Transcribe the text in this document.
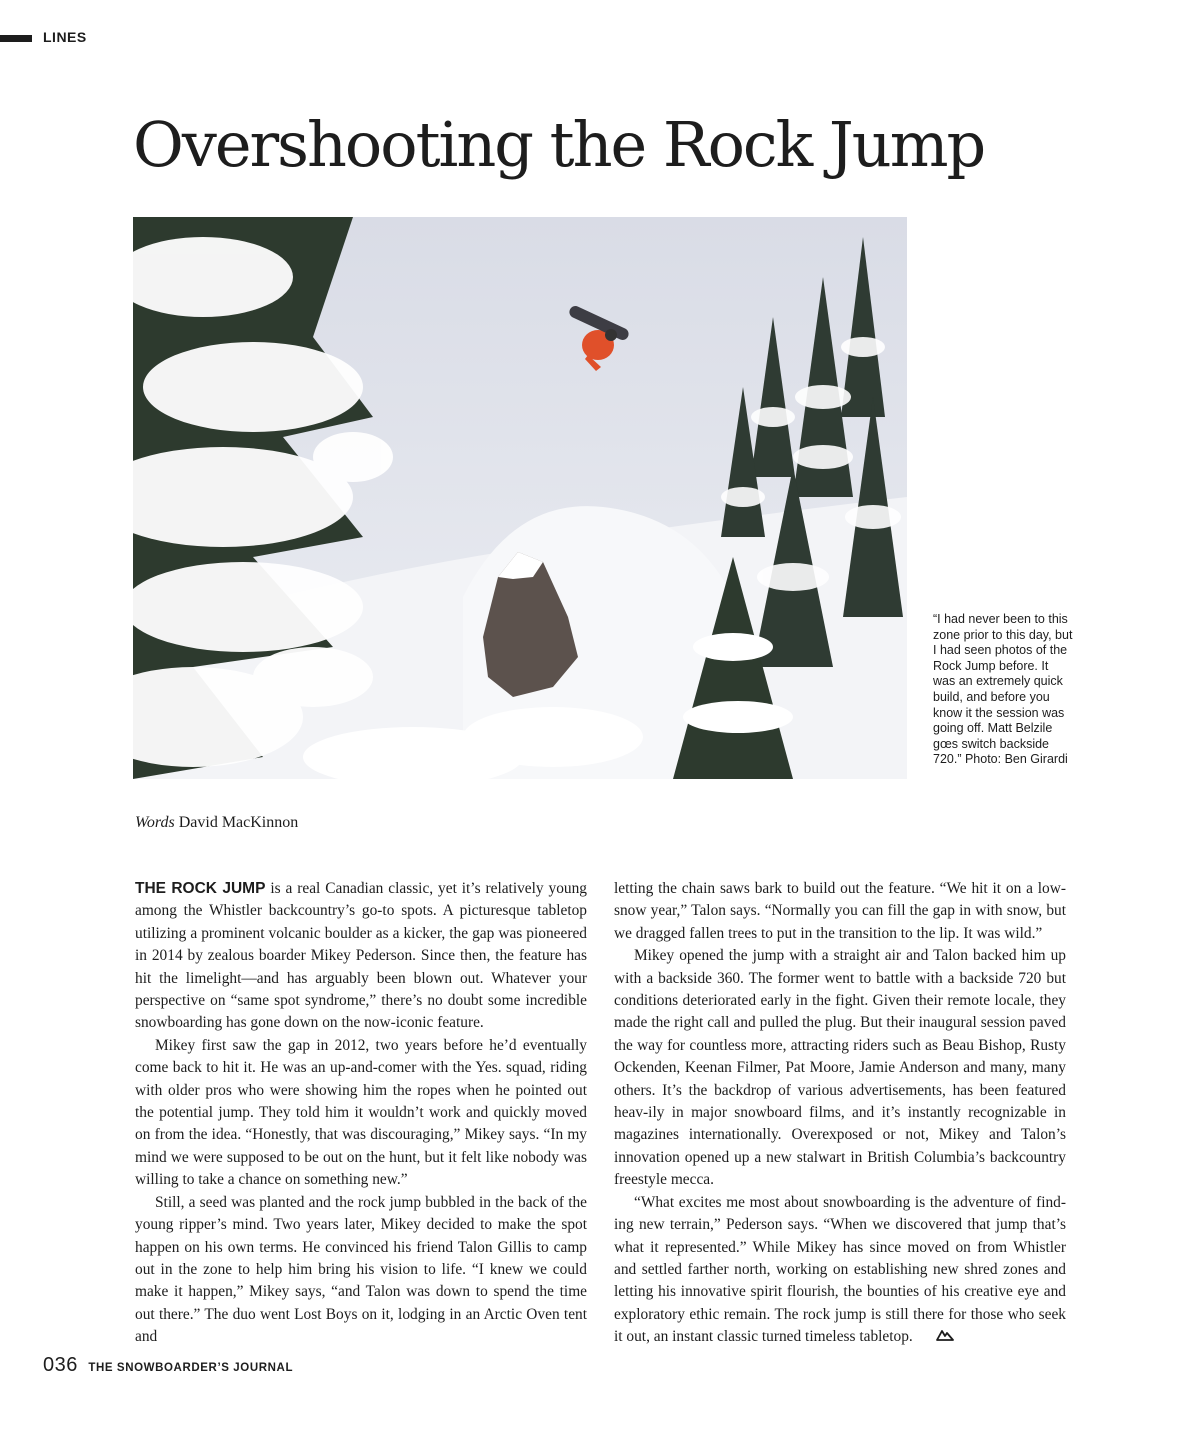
LINES
Overshooting the Rock Jump
“I had never been to this zone prior to this day, but I had seen photos of the Rock Jump before. It was an extremely quick build, and before you know it the session was going off. Matt Belzile gœs switch backside 720.” Photo: Ben Girardi
Words David MacKinnon

THE ROCK JUMP is a real Canadian classic, yet it’s relatively young among the Whistler backcountry’s go-to spots. A picturesque tabletop utilizing a prominent volcanic boulder as a kicker, the gap was pioneered in 2014 by zealous boarder Mikey Pederson. Since then, the feature has hit the limelight—and has arguably been blown out. Whatever your perspective on “same spot syndrome,” there’s no doubt some incredible snowboarding has gone down on the now-iconic feature.

Mikey first saw the gap in 2012, two years before he’d eventually come back to hit it. He was an up-and-comer with the Yes. squad, riding with older pros who were showing him the ropes when he pointed out the potential jump. They told him it wouldn’t work and quickly moved on from the idea. “Honestly, that was discouraging,” Mikey says. “In my mind we were supposed to be out on the hunt, but it felt like nobody was willing to take a chance on something new.”

Still, a seed was planted and the rock jump bubbled in the back of the young ripper’s mind. Two years later, Mikey decided to make the spot happen on his own terms. He convinced his friend Talon Gillis to camp out in the zone to help him bring his vision to life. “I knew we could make it happen,” Mikey says, “and Talon was down to spend the time out there.” The duo went Lost Boys on it, lodging in an Arctic Oven tent and

letting the chain saws bark to build out the feature. “We hit it on a low-snow year,” Talon says. “Normally you can fill the gap in with snow, but we dragged fallen trees to put in the transition to the lip. It was wild.”

Mikey opened the jump with a straight air and Talon backed him up with a backside 360. The former went to battle with a backside 720 but conditions deteriorated early in the fight. Given their remote locale, they made the right call and pulled the plug. But their inaugural session paved the way for countless more, attracting riders such as Beau Bishop, Rusty Ockenden, Keenan Filmer, Pat Moore, Jamie Anderson and many, many others. It’s the backdrop of various advertisements, has been featured heav-ily in major snowboard films, and it’s instantly recognizable in magazines internationally. Overexposed or not, Mikey and Talon’s innovation opened up a new stalwart in British Columbia’s backcountry freestyle mecca.

“What excites me most about snowboarding is the adventure of find-ing new terrain,” Pederson says. “When we discovered that jump that’s what it represented.” While Mikey has since moved on from Whistler and settled farther north, working on establishing new shred zones and letting his innovative spirit flourish, the bounties of his creative eye and exploratory ethic remain. The rock jump is still there for those who seek it out, an instant classic turned timeless tabletop.

036 THE SNOWBOARDER’S JOURNAL
